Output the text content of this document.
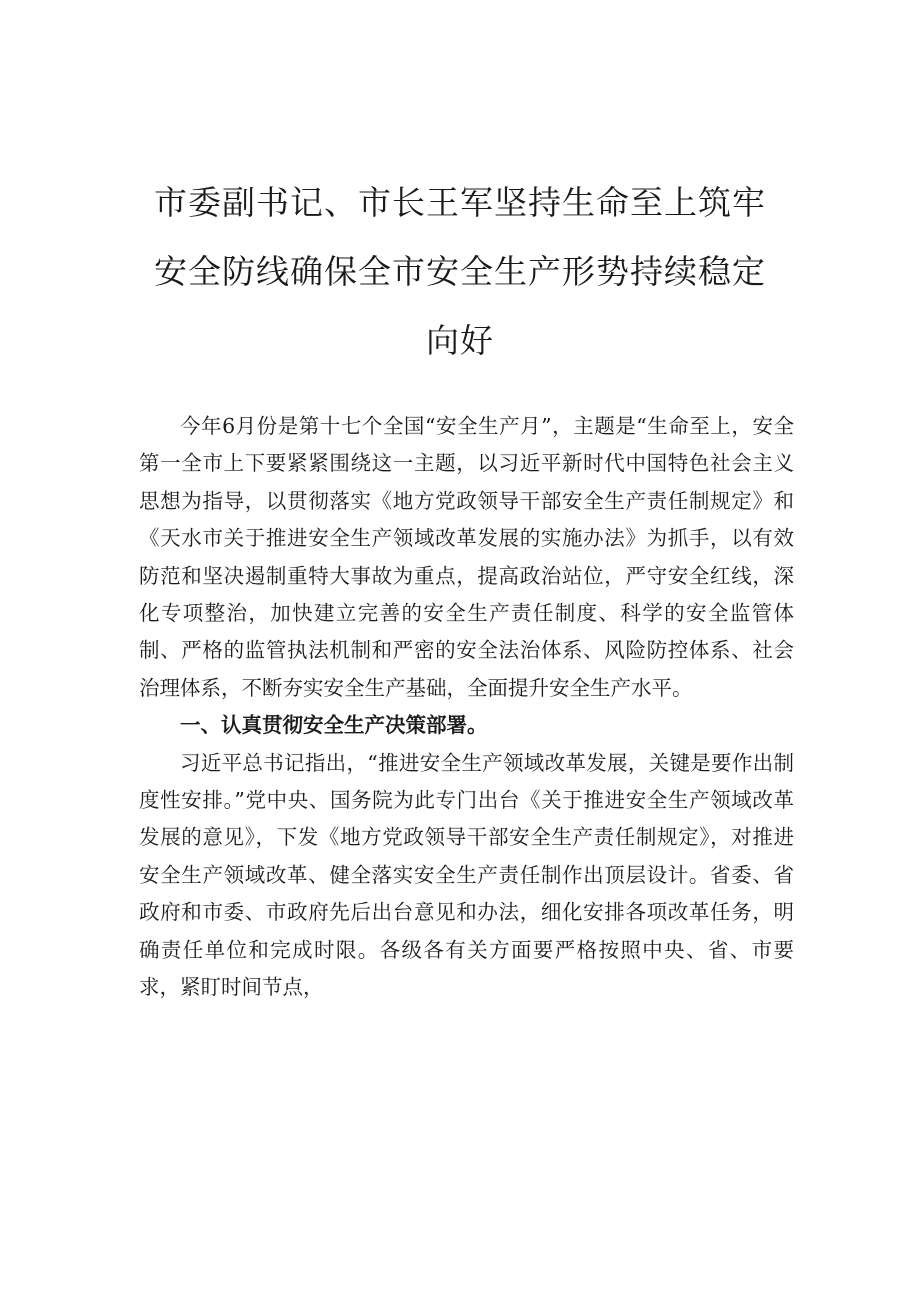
市委副书记、市长王军坚持生命至上筑牢
安全防线确保全市安全生产形势持续稳定
向好

今年6月份是第十七个全国“安全生产月”，主题是“生命至上，安全第一全市上下要紧紧围绕这一主题，以习近平新时代中国特色社会主义思想为指导，以贯彻落实《地方党政领导干部安全生产责任制规定》和《天水市关于推进安全生产领域改革发展的实施办法》为抓手，以有效防范和坚决遏制重特大事故为重点，提高政治站位，严守安全红线，深化专项整治，加快建立完善的安全生产责任制度、科学的安全监管体制、严格的监管执法机制和严密的安全法治体系、风险防控体系、社会治理体系，不断夯实安全生产基础，全面提升安全生产水平。

一、认真贯彻安全生产决策部署。

习近平总书记指出，“推进安全生产领域改革发展，关键是要作出制度性安排。”党中央、国务院为此专门出台《关于推进安全生产领域改革发展的意见》，下发《地方党政领导干部安全生产责任制规定》，对推进安全生产领域改革、健全落实安全生产责任制作出顶层设计。省委、省政府和市委、市政府先后出台意见和办法，细化安排各项改革任务，明确责任单位和完成时限。各级各有关方面要严格按照中央、省、市要求，紧盯时间节点，
